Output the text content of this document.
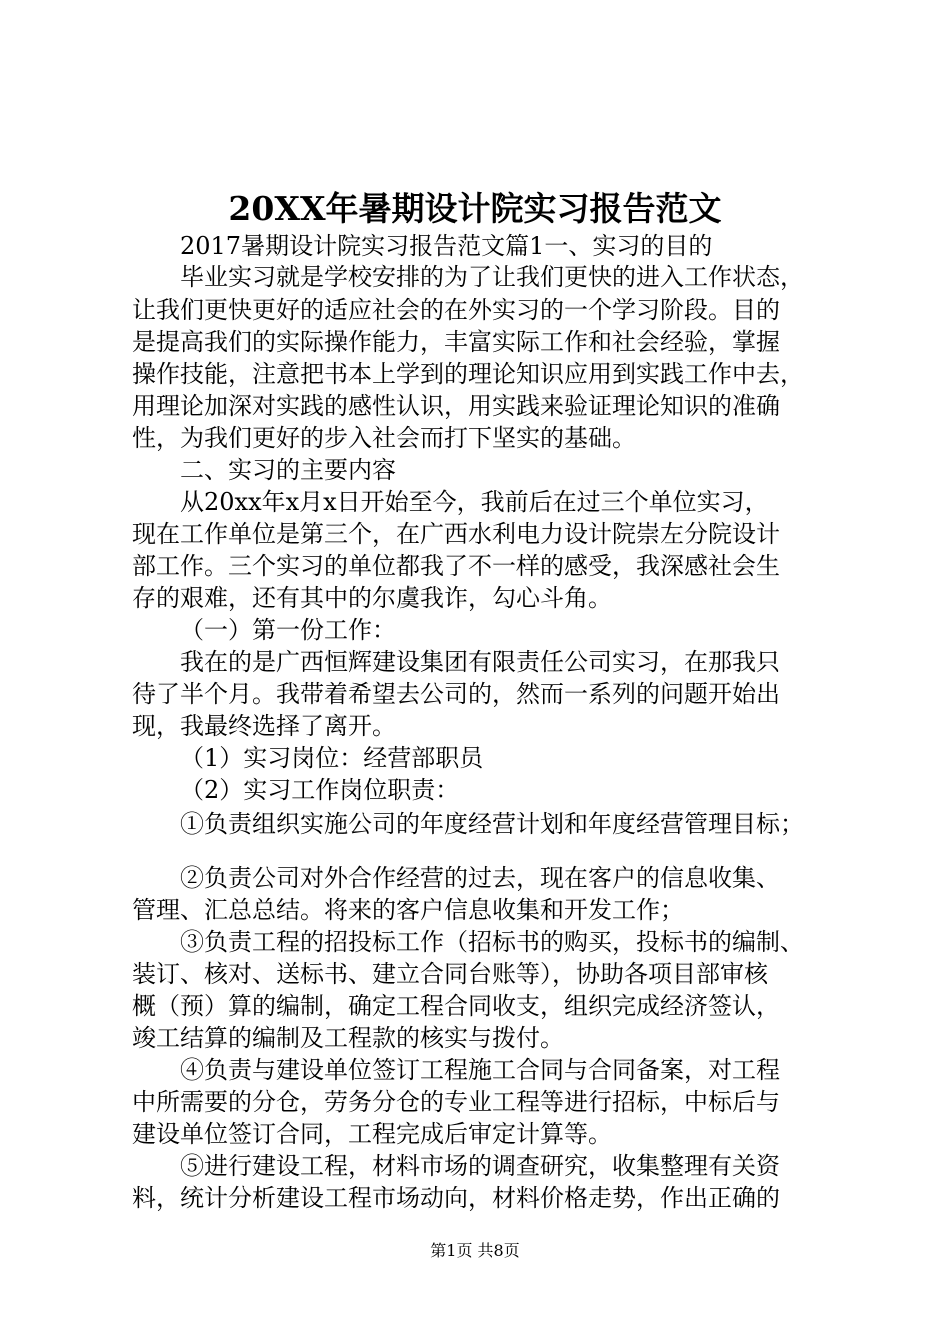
20XX年暑期设计院实习报告范文
2017暑期设计院实习报告范文篇1一、实习的目的
毕业实习就是学校安排的为了让我们更快的进入工作状态，
让我们更快更好的适应社会的在外实习的一个学习阶段。目的
是提高我们的实际操作能力，丰富实际工作和社会经验，掌握
操作技能，注意把书本上学到的理论知识应用到实践工作中去，
用理论加深对实践的感性认识，用实践来验证理论知识的准确
性，为我们更好的步入社会而打下坚实的基础。
二、实习的主要内容
从20xx年x月x日开始至今，我前后在过三个单位实习，
现在工作单位是第三个，在广西水利电力设计院崇左分院设计
部工作。三个实习的单位都我了不一样的感受，我深感社会生
存的艰难，还有其中的尔虞我诈，勾心斗角。
（一）第一份工作：
我在的是广西恒辉建设集团有限责任公司实习，在那我只
待了半个月。我带着希望去公司的，然而一系列的问题开始出
现，我最终选择了离开。
（1）实习岗位：经营部职员
（2）实习工作岗位职责：
①负责组织实施公司的年度经营计划和年度经营管理目标；
②负责公司对外合作经营的过去，现在客户的信息收集、
管理、汇总总结。将来的客户信息收集和开发工作；
③负责工程的招投标工作（招标书的购买，投标书的编制、
装订、核对、送标书、建立合同台账等），协助各项目部审核
概（预）算的编制，确定工程合同收支，组织完成经济签认，
竣工结算的编制及工程款的核实与拨付。
④负责与建设单位签订工程施工合同与合同备案，对工程
中所需要的分仓，劳务分仓的专业工程等进行招标，中标后与
建设单位签订合同，工程完成后审定计算等。
⑤进行建设工程，材料市场的调查研究，收集整理有关资
料，统计分析建设工程市场动向，材料价格走势，作出正确的
第1页 共8页
